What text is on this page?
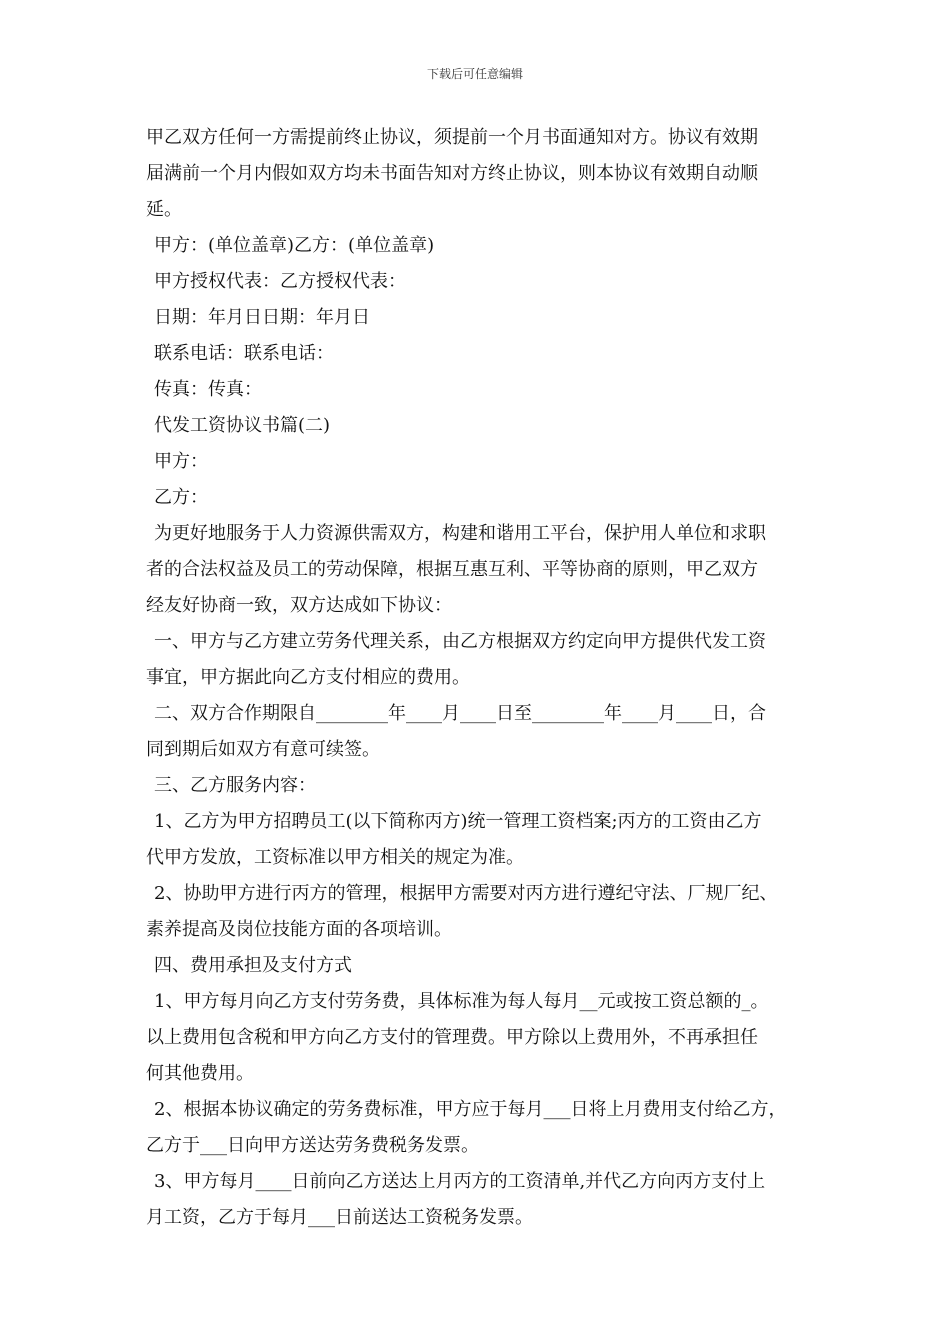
下载后可任意编辑

甲乙双方任何一方需提前终止协议，须提前一个月书面通知对方。协议有效期

届满前一个月内假如双方均未书面告知对方终止协议，则本协议有效期自动顺

延。

甲方：(单位盖章)乙方：(单位盖章)

甲方授权代表：乙方授权代表：

日期：年月日日期：年月日

联系电话：联系电话：

传真：传真：

代发工资协议书篇(二)

甲方：

乙方：

为更好地服务于人力资源供需双方，构建和谐用工平台，保护用人单位和求职

者的合法权益及员工的劳动保障，根据互惠互利、平等协商的原则，甲乙双方

经友好协商一致，双方达成如下协议：

一、甲方与乙方建立劳务代理关系，由乙方根据双方约定向甲方提供代发工资

事宜，甲方据此向乙方支付相应的费用。

二、双方合作期限自________年____月____日至________年____月____日，合

同到期后如双方有意可续签。

三、乙方服务内容：

1、乙方为甲方招聘员工(以下简称丙方)统一管理工资档案;丙方的工资由乙方

代甲方发放，工资标准以甲方相关的规定为准。

2、协助甲方进行丙方的管理，根据甲方需要对丙方进行遵纪守法、厂规厂纪、

素养提高及岗位技能方面的各项培训。

四、费用承担及支付方式

1、甲方每月向乙方支付劳务费，具体标准为每人每月__元或按工资总额的_。

以上费用包含税和甲方向乙方支付的管理费。甲方除以上费用外，不再承担任

何其他费用。

2、根据本协议确定的劳务费标准，甲方应于每月___日将上月费用支付给乙方，

乙方于___日向甲方送达劳务费税务发票。

3、甲方每月____日前向乙方送达上月丙方的工资清单,并代乙方向丙方支付上

月工资，乙方于每月___日前送达工资税务发票。
